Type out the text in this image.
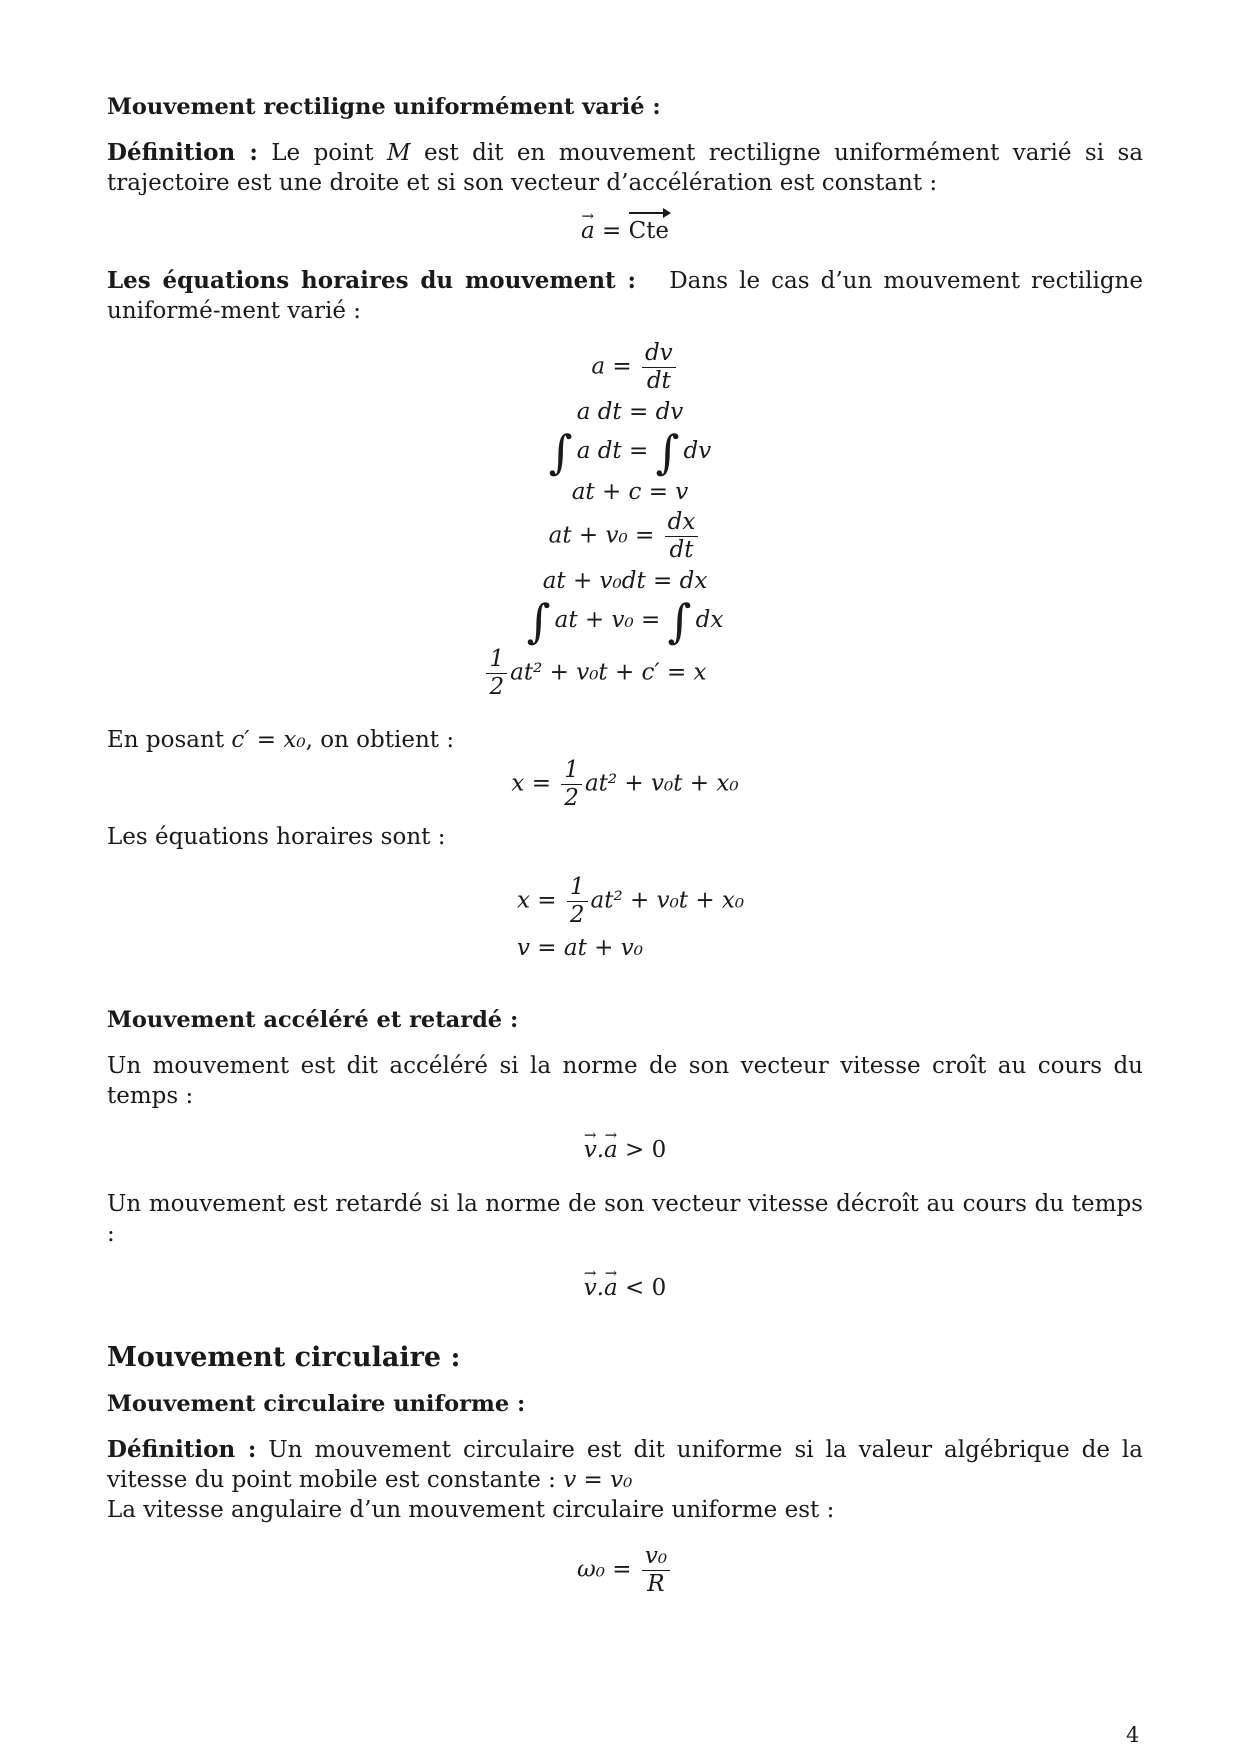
Mouvement rectiligne uniformément varié :

Définition : Le point M est dit en mouvement rectiligne uniformément varié si sa trajectoire est une droite et si son vecteur d’accélération est constant :

→ a =
Cte

Les équations horaires du mouvement : Dans le cas d’un mouvement rectiligne uniformé-ment varié :

$a = \frac{dv}{dt}$
a dt = dv
∫ a dt = ∫ dv
at + c = v
at + $v_0 = \frac{dx}{dt}$
at + v₀dt = dx
∫ at + v₀ = ∫ dx
$\frac{1}{2} at^2 + v_0t + c' = x$

En posant c′ = x₀, on obtient :

$x = \frac{1}{2} at^2 + v_0t + x_0$

Les équations horaires sont :

$x = \frac{1}{2} at^2 + v_0t + x_0$
v = at + v₀
Mouvement accéléré et retardé :

Un mouvement est dit accéléré si la norme de son vecteur vitesse croît au cours du temps :

→ v.→ a > 0

Un mouvement est retardé si la norme de son vecteur vitesse décroît au cours du temps :

→ v.→ a < 0
Mouvement circulaire :
Mouvement circulaire uniforme :

Définition : Un mouvement circulaire est dit uniforme si la valeur algébrique de la vitesse du point mobile est constante : v = v₀

La vitesse angulaire d’un mouvement circulaire uniforme est :

$\omega_0 = \frac{\text{v₀}}{R}$
4
